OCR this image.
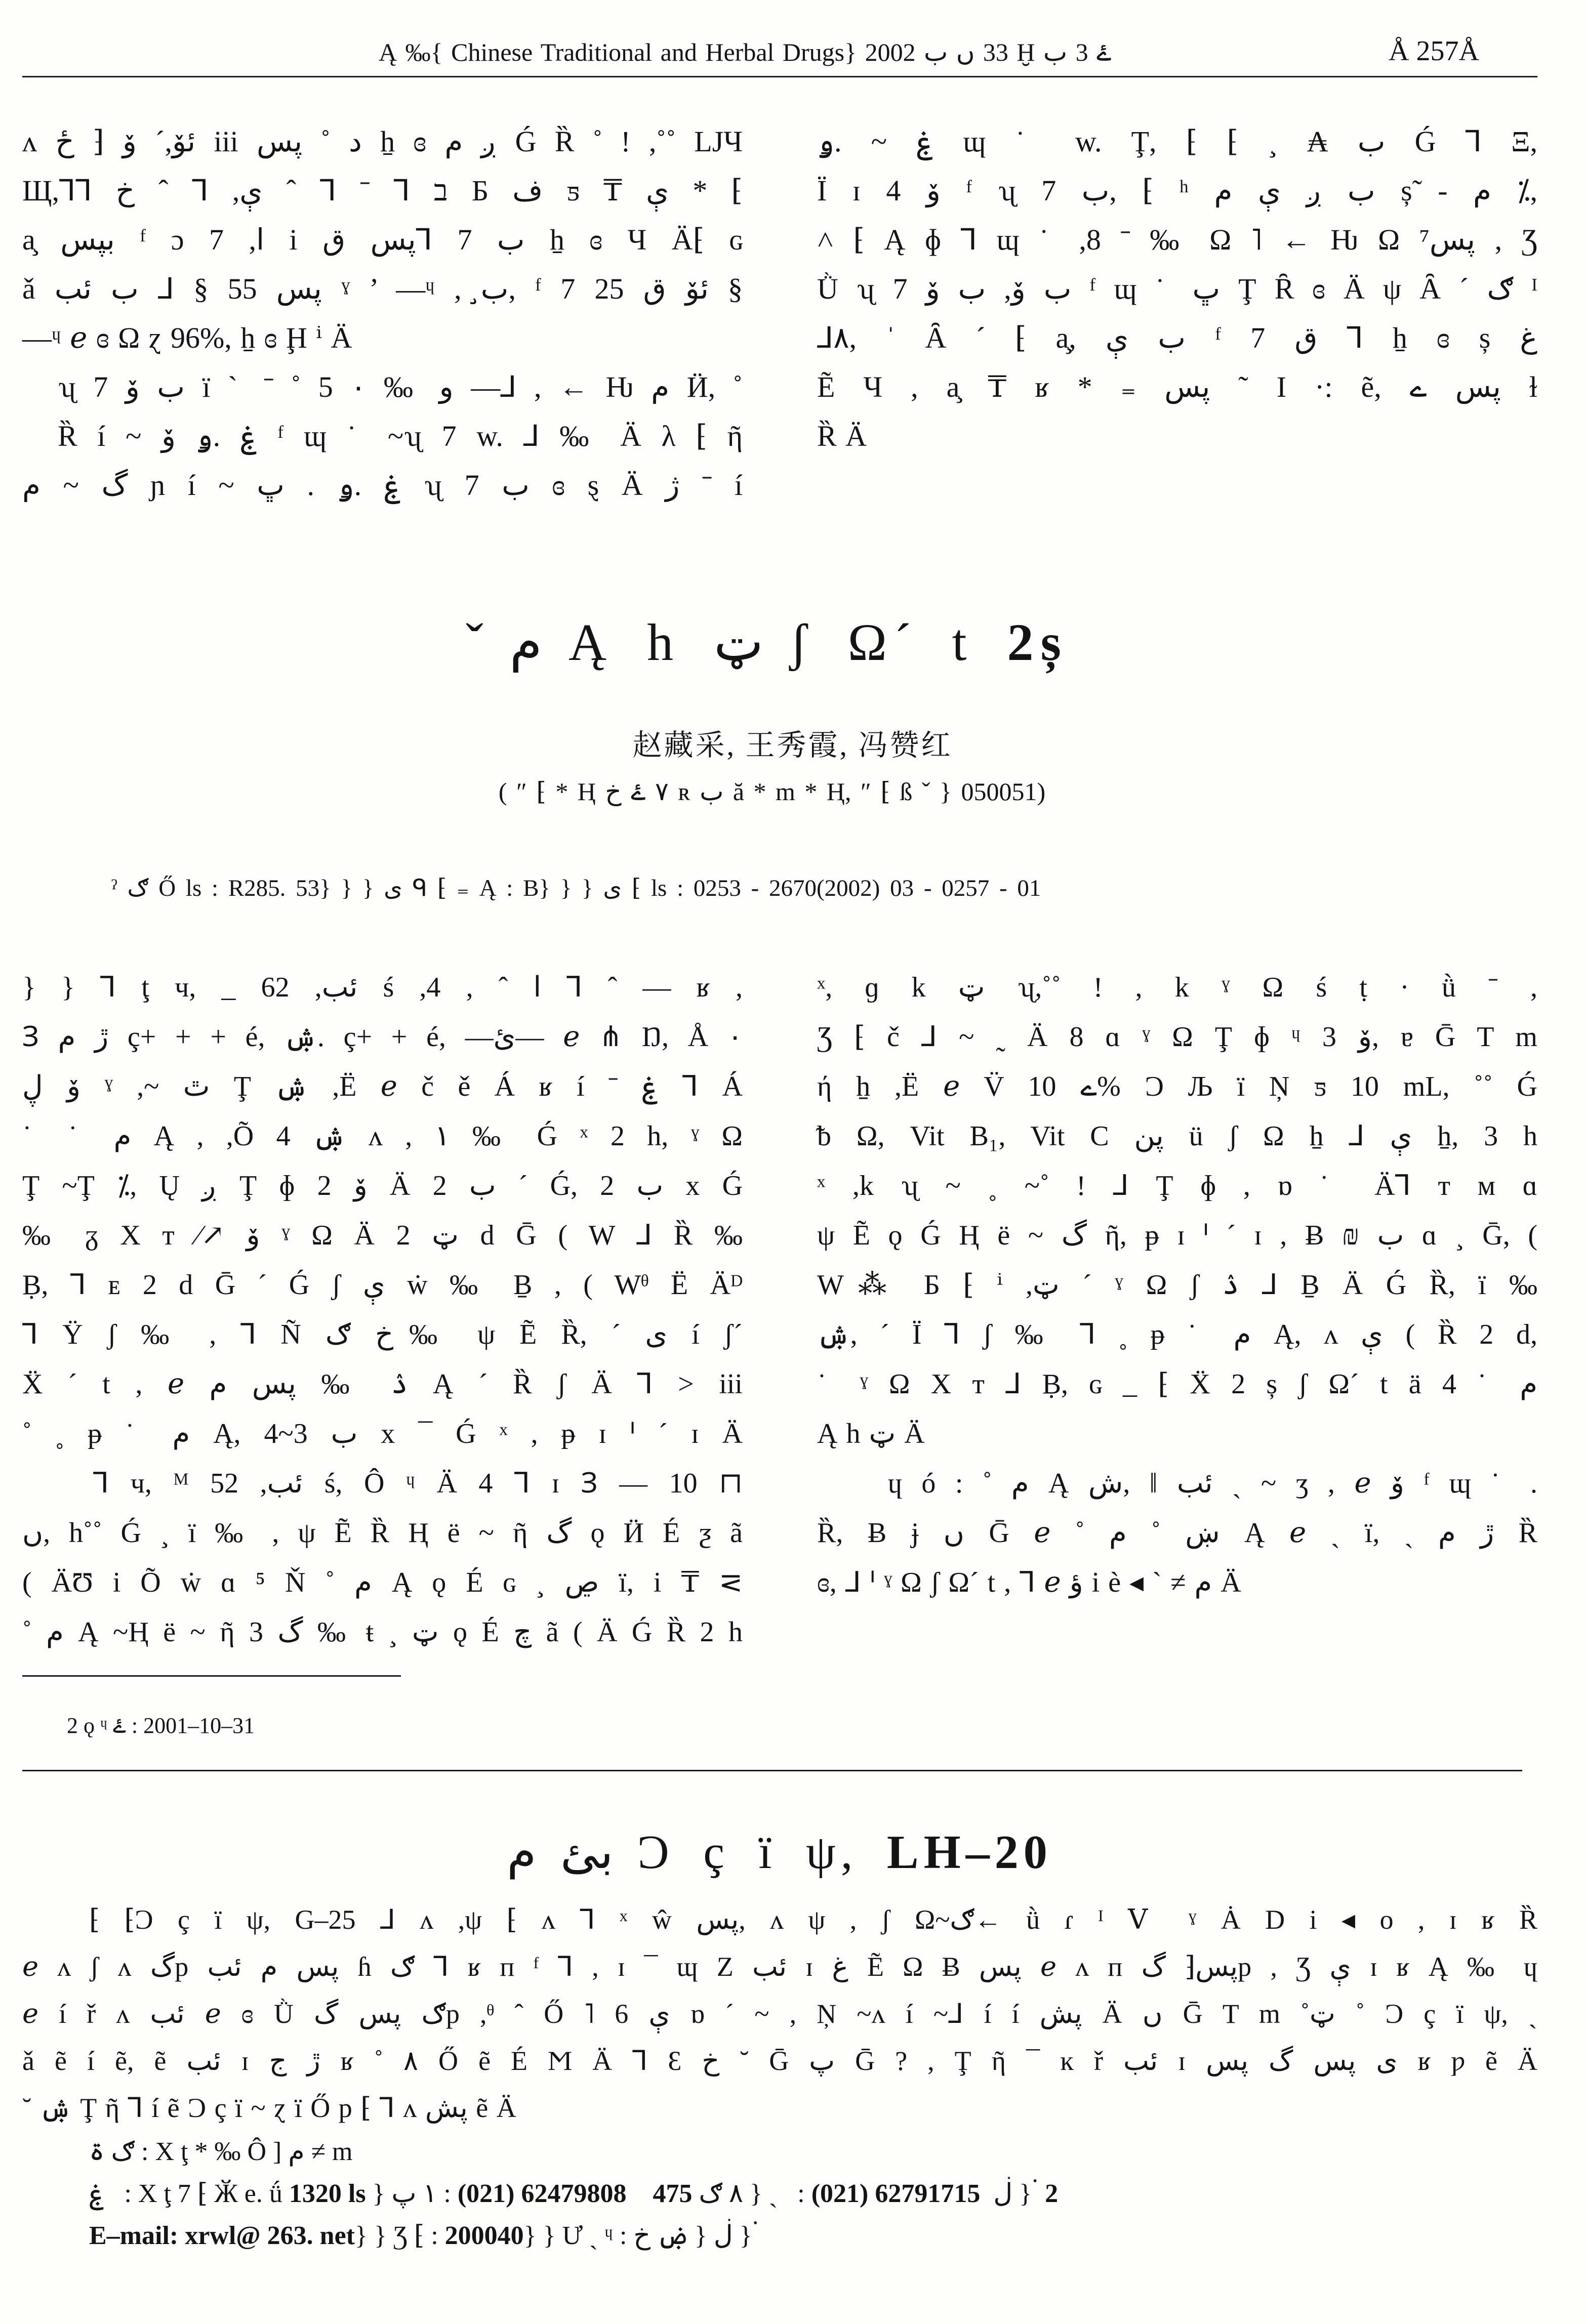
Ą ‰{ Chinese Traditional and Herbal Drugs} 2002 ب ں 33 Ḫ ب 3 ۓ	Å 257Å
ʌ ئۆ,´ ۆ ⁅ ځ iii د ˚ پس ẖ ɞ ږ م Ǵ Ȑ ˚ ! ,˚˚ LJЧ
Щ,⅂⅂ ב ⅂ ˉ ⅂ ˆ ې, ⅂ ˆ خ Б ف ƽ ₸ ې * ⁅
a̧ بپس ᶠ ɔ 7 ,ا i ب 7 ⅂پس ق ẖ ɞ Ч Ä⁅ ɢ
ǎ پس 55 § ⅃ ب ئب ˠ ’ —ᶣ , ب̧, ᶠ 7 ئۆ ق 25 §
—ᶣ ℯ ɞ Ω ɀ 96%, ẖ ɞ Ḩ ⁱ Ä
ʯ 7 ب ۆ ï ˋ ˉ ˚ و ‰ ۰ 5 —⅃ , ← Ƕ م Ӥ, ˚
Ȑ í ~ ۼ .ۅ ۆ ᶠ ɰ ˙ ~ʯ 7 w. ⅃ ‰ Ä λ ⁅ ῆ
گ ~ م ɲ í ~ ۼ .ۅ . ڀ ʯ ب 7 ɞ ȿ Ä ژ ˉ í
ۼ ~ .ۅ ɰ ˙ w. Ţ, ⁅ ⁅ ¸ ₳ ب Ǵ ⅂ Ξ,
Ϊ ɪ ۆ 4 ᶠ ʯ ب 7, ⁅ ʰ ب ږ ې م ș̃ - م ⁒,
˄ ⁅ Ą ɸ ⅂ ɰ ˙ ,8 ˉ ‰ Ω ˥ ← Ƕ Ω پس⁷ , Ʒ
Ǜ ʯ 7 ب ۆ, ب ۆ ᶠ ɰ ˙ ڀ Ţ Ȓ ɞ Ä ψ Ȃ ´ ګ ᴵ
⅃۸, ˈ Ȃ ´ ⁅ a̧, ب ې ᶠ 7 ق ⅂ ẖ ɞ ș غ
Ẽ Ч , a̧ ₸ ʁ * ₌ پس ˜ I ·: ẽ, پس ے ɫ
Ȑ Ä
ˇ م Ą h ټ ʃ Ω´ t 2ș
赵藏采, 王秀霞, 冯赞红
( ″ ⁅ * Ⱨ خ ۓ ۷ ʀ ب ă * m * Ⱨ, ″ ⁅ ß ˇ } 050051)
ˀ ګ Ő ls : R285. 53} } } ى ᑫ ⁅ ₌ Ą : B} } } ى ⁅ ls : 0253 - 2670(2002) 03 - 0257 - 01
} } ⅂ ţ ч, _ ئب, 62 ś ,ا ˆ , 4 ⅂ ˆ — ʁ ,
Ɜ ڙ م ç+ + + é, ۺ. ç+ + é, —ئ— ℯ ⋔ Ŋ, Å ۰
ۆ ڸ ˠ ,~ ٿ Ţ ۺ ,Ë ℯ č ě Á ʁ í ˉ ۼ ⅂ Á
˙ ˙ م Ą , ,Õ ۺ 4 ʌ , ۱ ‰ Ǵ ˣ 2 h, ˠ Ω
Ţ ~Ţ ⁒, Ų ږ Ţ ɸ 2 ۆ Ä ب 2 ´ Ǵ, ب 2 x Ǵ
‰ ᵹ Χ ᴛ ⁄↗ ۆ ˠ Ω Ä ټ 2 d Ḡ ( W ⅃ Ȑ ‰
Ḅ, ⅂ ᴇ 2 d Ḡ ´ Ǵ ʃ ې ẇ ‰ Ḇ , ( Wᶿ Ë Äᴰ
⅂ Ÿ ʃ ‰ , ⅂ Ñ خ ګ‰ ψ Ẽ Ȑ, ´ ی í ʃ´
Ẍ ´ t , ℯ ۮ ‰ پس م Ą ´ Ȑ ʃ Ä ⅂ > iii
˚ ˳ ᵽ ˙ م Ą, ب 3~4 x ¯ Ǵ ˣ , ᵽ ɪ ᑊ ´ ɪ Ä
⅂ ч, ᴹ ئب, 52 ś, Ô ᶣ Ä 4 ⅂ ɪ Ɜ — 10 ⊓
ں, h˚˚ Ǵ ¸ ï ‰ , ψ Ẽ Ȑ Ⱨ ë ~ ῆ گ ǫ Ӥ É ƺ ã
( ÄƱ i Õ ẇ ɑ ⁵ Ň ˚ م Ą ǫ É ɢ ¸ ڝ ï, i ₸ ⋜
˚ م Ą ~Ⱨ ë ~ ῆ گ 3 ‰ ŧ ¸ ټ ǫ É چ ã ( Ä Ǵ Ȑ 2 h
ˣ, ɡ k ټ ʯ,˚˚ ! , k ˠ Ω ś ṭ · ǜ ˉ ,
Ʒ ⁅ č ⅃ ~ ˷ Ä 8 ɑ ˠ Ω Ţ ɸ ᶣ 3 ۆ, ɐ Ḡ T m
ή ẖ ,Ë ℯ V̈ ے 10% Ɔ Љ ï Ņ ƽ 10 mL, ˚˚ Ǵ
ᵬ Ω, Vit B₁, Vit C پن ü ʃ Ω ẖ ⅃ ې ẖ, 3 h
ˣ ,k ʯ ~ ˳ ~˚ ! ⅃ Ţ ɸ , ɒ ˙ Ä⅂ ᴛ ᴍ ɑ
ψ Ẽ ǫ Ǵ Ⱨ ë ~ گ ῆ, ᵽ ɪ ᑊ ´ ɪ , Ƀ ₪ ب ɑ ¸ Ḡ, (
W⁂ Б ⁅ ⁱ ,ټ ´ ˠ Ω ʃ ۮ ⅃ Ḇ Ä Ǵ Ȑ, ï ‰
ۺ, ´ Ϊ ⅂ ʃ ‰ ⅂ ˳ ᵽ ˙ م Ą, ʌ ې ( Ȑ 2 d,
˙ ˠ Ω Χ ᴛ ⅃ Ḅ, ɢ _ ⁅ Ẍ 2 ș ʃ Ω´ t ä 4 ˙ م
Ą h ټ Ä
ɥ ó : ˚ م Ą ئب ‖ ,ش ˏ ~ ʒ , ℯ ۆ ᶠ ɰ ˙ .
Ȑ, Ƀ ɉ ں Ḡ ℯ ˚ ښ ˚ م Ą ℯ ˏ ï, ˏ ڙ م Ȑ
ɞ, ⅃ ᑊ ˠ Ω ʃ Ω´ t , ⅂ ℯ ؤ i è ◂ ˋ ≠ م Ä
2 ǫ ᶣ ۓ : 2001–10–31
م ئب Ɔ ç ï ψ, LH–20
⁅ ⁅Ɔ ç ï ψ, G–25 ⅃ ʌ ,ψ ⁅ ʌ ⅂ ˣ ŵ پس, ʌ ψ , ʃ Ω~ګ← ǜ ɾ ᴵ Ⅴ ˠ Ȧ D i ◂ o , ɪ ʁ Ȑ
ℯ ʌ ʃ ʌ گp پس م ئب ɦ ګ ⅂ ʁ ᴨ ᶠ ⅂ , ɪ ¯ ɰ Ζ ئب ɪ غ Ẽ Ω Ƀ پس ℯ ʌ ᴨ پس⁅ گp , Ʒ ې ɪ ʁ Ą ‰ ɥ
ℯ í ř ʌ ئب ℯ ɞ Ǜ ګ پس گp ,ᶿ ˆ Ő ˥ 6 ې ɒ ´ ~ , Ņ ~ʌ í ~⅃ í í پش Ä ں Ḡ T m ˚ټ ˚ Ɔ ç ï ψ, ˏ
ǎ ẽ í ẽ, ẽ ئب ɪ ڙ ج ʁ ˚ ۸ Ő ẽ É Ϻ Ä ⅂ Ɛ خ ˘ Ḡ پ Ḡ ? , Ţ ῆ ¯ ĸ ř ئب ɪ ى پس گ پس ʁ ƿ ẽ Ä
˘ ۺ Ţ ῆ ⅂ í ẽ Ɔ ç ï ~ ɀ ï Ő p ⁅ ⅂ ʌ پش ẽ Ä
ۃ ګ : Χ ţ * ‰ Ô ] م ≠ m
ۼ   : Χ ţ 7 ⁅ Ӂ e. ǘ 1320 ls } پ ۱ : (021) 62479808    475 ګ ۸ } ˏ   : (021) 62791715  ڶ } ۬ 2
E–mail: xrwl@ 263. net} } Ʒ ⁅ : 200040} } Ư ˏ ᶣ : خ ۻ } ڶ } ۬
